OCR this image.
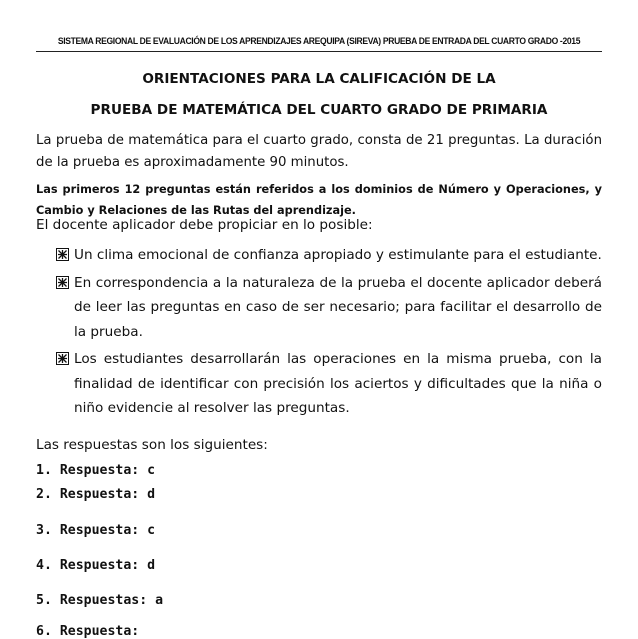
SISTEMA REGIONAL DE EVALUACIÓN DE LOS APRENDIZAJES AREQUIPA (SIREVA) PRUEBA DE ENTRADA DEL CUARTO GRADO -2015
ORIENTACIONES PARA LA CALIFICACIÓN DE LA
PRUEBA DE MATEMÁTICA DEL CUARTO GRADO DE PRIMARIA
La prueba de matemática para el cuarto grado, consta de 21 preguntas. La duración de la prueba es aproximadamente 90 minutos.
Las primeros 12 preguntas están referidos a los dominios de Número y Operaciones, y Cambio y Relaciones de las Rutas del aprendizaje.
El docente aplicador debe propiciar en lo posible:
Un clima emocional de confianza apropiado y estimulante para el estudiante.
En correspondencia a la naturaleza de la prueba el docente aplicador deberá de leer las preguntas en caso de ser necesario; para facilitar el desarrollo de la prueba.
Los estudiantes desarrollarán las operaciones en la misma prueba, con la finalidad de identificar con precisión los aciertos y dificultades que la niña o niño evidencie al resolver las preguntas.
Las respuestas son los siguientes:
1. Respuesta: c
2. Respuesta: d
3. Respuesta: c
4. Respuesta: d
5. Respuestas: a
6. Respuesta:
